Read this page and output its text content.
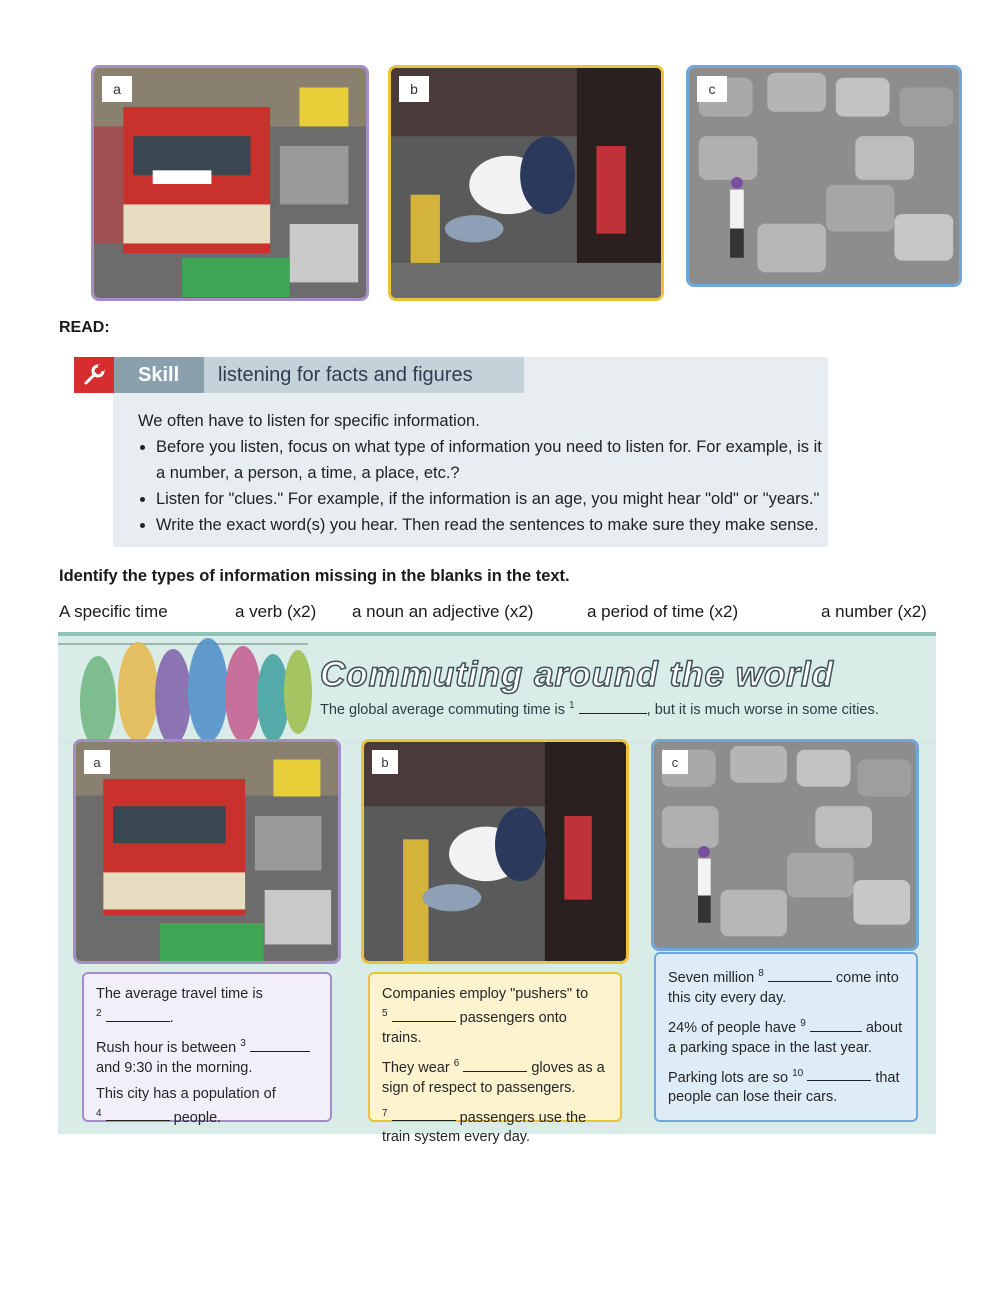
a	b	c
READ:
Skill	listening for facts and figures
We often have to listen for specific information.
• Before you listen, focus on what type of information you need to listen for. For example, is it a number, a person, a time, a place, etc.?
• Listen for "clues." For example, if the information is an age, you might hear "old" or "years."
• Write the exact word(s) you hear. Then read the sentences to make sure they make sense.
Identify the types of information missing in the blanks in the text.
A specific time	a verb (x2) a noun an adjective (x2)	a period of time (x2)	a number (x2)
Commuting around the world
The global average commuting time is $^1$	, but it is much worse in some cities.
a

The average travel time is
$^2$	.

Rush hour is between $^3$  and 9:30 in the morning.

This city has a population of
$^4$	people.

b

Companies employ "pushers" to
$^5$	passengers onto trains.

They wear $^6$	gloves as a sign of respect to passengers.

$^7$	passengers use the train system every day.

c

Seven million $^8$	come into this city every day.

24% of people have $^9$	about a parking space in the last year.

Parking lots are so $^{10}$	that people can lose their cars.
